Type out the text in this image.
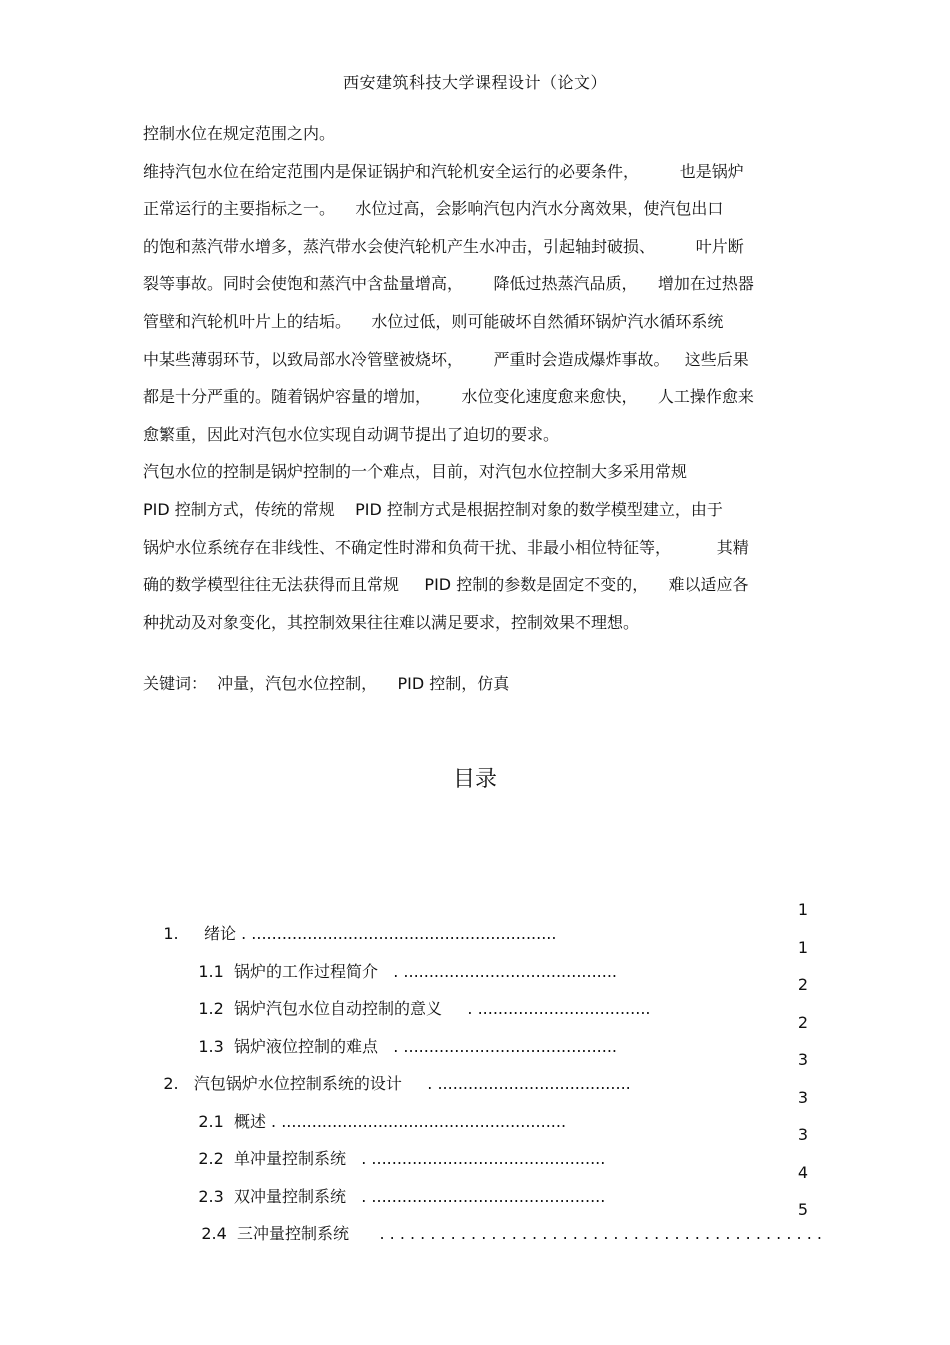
西安建筑科技大学课程设计（论文）
控制水位在规定范围之内。
维持汽包水位在给定范围内是保证锅护和汽轮机安全运行的必要条件，        也是锅炉
正常运行的主要指标之一。    水位过高，会影响汽包内汽水分离效果，使汽包出口
的饱和蒸汽带水增多，蒸汽带水会使汽轮机产生水冲击，引起轴封破损、        叶片断
裂等事故。同时会使饱和蒸汽中含盐量增高，      降低过热蒸汽品质，    增加在过热器
管壁和汽轮机叶片上的结垢。    水位过低，则可能破坏自然循环锅炉汽水循环系统
中某些薄弱环节，以致局部水冷管壁被烧坏，      严重时会造成爆炸事故。   这些后果
都是十分严重的。随着锅炉容量的增加，      水位变化速度愈来愈快，    人工操作愈来
愈繁重，因此对汽包水位实现自动调节提出了迫切的要求。
汽包水位的控制是锅炉控制的一个难点，目前，对汽包水位控制大多采用常规
PID 控制方式，传统的常规    PID 控制方式是根据控制对象的数学模型建立，由于
锅炉水位系统存在非线性、不确定性时滞和负荷干扰、非最小相位特征等，         其精
确的数学模型往往无法获得而且常规     PID 控制的参数是固定不变的，    难以适应各
种扰动及对象变化，其控制效果往往难以满足要求，控制效果不理想。
关键词：  冲量，汽包水位控制，    PID 控制，仿真
目录

1.     绪论 . ............................................................

1

1.1  锅炉的工作过程简介   . ..........................................

1

1.2  锅炉汽包水位自动控制的意义     . ..................................

2

1.3  锅炉液位控制的难点   . ..........................................

2

2.   汽包锅炉水位控制系统的设计     . ......................................

3

2.1  概述 . ........................................................

3

2.2  单冲量控制系统   . ..............................................

3

2.3  双冲量控制系统   . ..............................................

4

2.4  三冲量控制系统      . . . . . . . . . . . . . . . . . . . . . . . . . . . . . . . . . . . . . . . . . . . .

5
